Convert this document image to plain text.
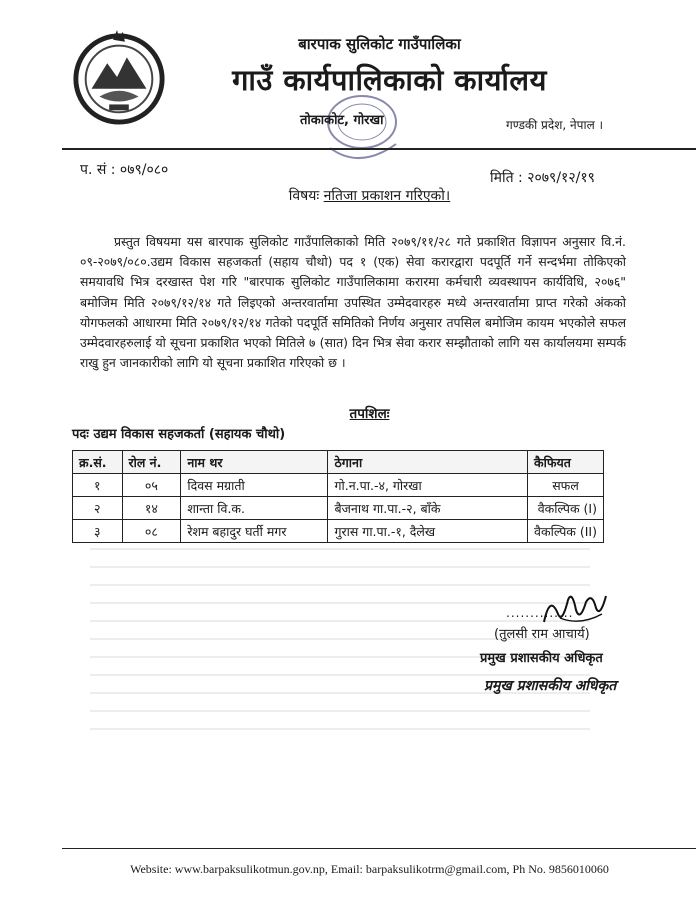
बारपाक सुलिकोट गाउँपालिका
गाउँ कार्यपालिकाको कार्यालय
तोकाकोट, गोरखा	गण्डकी प्रदेश, नेपाल ।
प. सं : ०७९/०८०	मिति : २०७९/१२/१९
विषयः नतिजा प्रकाशन गरिएको।
प्रस्तुत विषयमा यस बारपाक सुलिकोट गाउँपालिकाको मिति २०७९/११/२८ गते प्रकाशित विज्ञापन अनुसार वि.नं. ०९-२०७९/०८०.उद्यम विकास सहजकर्ता (सहाय चौथो) पद १ (एक) सेवा करारद्वारा पदपूर्ति गर्ने सन्दर्भमा तोकिएको समयावधि भित्र दरखास्त पेश गरि "बारपाक सुलिकोट गाउँपालिकामा करारमा कर्मचारी व्यवस्थापन कार्यविधि, २०७६" बमोजिम मिति २०७९/१२/१४ गते लिइएको अन्तरवार्तामा उपस्थित उम्मेदवारहरु मध्ये अन्तरवार्तामा प्राप्त गरेको अंकको योगफलको आधारमा मिति २०७९/१२/१४ गतेको पदपूर्ति समितिको निर्णय अनुसार तपसिल बमोजिम कायम भएकोले सफल उम्मेदवारहरुलाई यो सूचना प्रकाशित भएको मितिले ७ (सात) दिन भित्र सेवा करार सम्झौताको लागि यस कार्यालयमा सम्पर्क राखु हुन जानकारीको लागि यो सूचना प्रकाशित गरिएको छ ।
तपशिलः
पदः उद्यम विकास सहजकर्ता (सहायक चौथो)
क्र.सं.	रोल नं.	नाम थर	ठेगाना	कैफियत
१	०५	दिवस मग्राती	गो.न.पा.-४, गोरखा	सफल
२	१४	शान्ता वि.क.	बैजनाथ गा.पा.-२, बाँके	वैकल्पिक (I)
३	०८	रेशम बहादुर घर्ती मगर	गुरास गा.पा.-१, दैलेख	वैकल्पिक (II)
..............
(तुलसी राम आचार्य)
प्रमुख प्रशासकीय अधिकृत
प्रमुख प्रशासकीय अधिकृत
Website: www.barpaksulikotmun.gov.np, Email: barpaksulikotrm@gmail.com, Ph No. 9856010060
